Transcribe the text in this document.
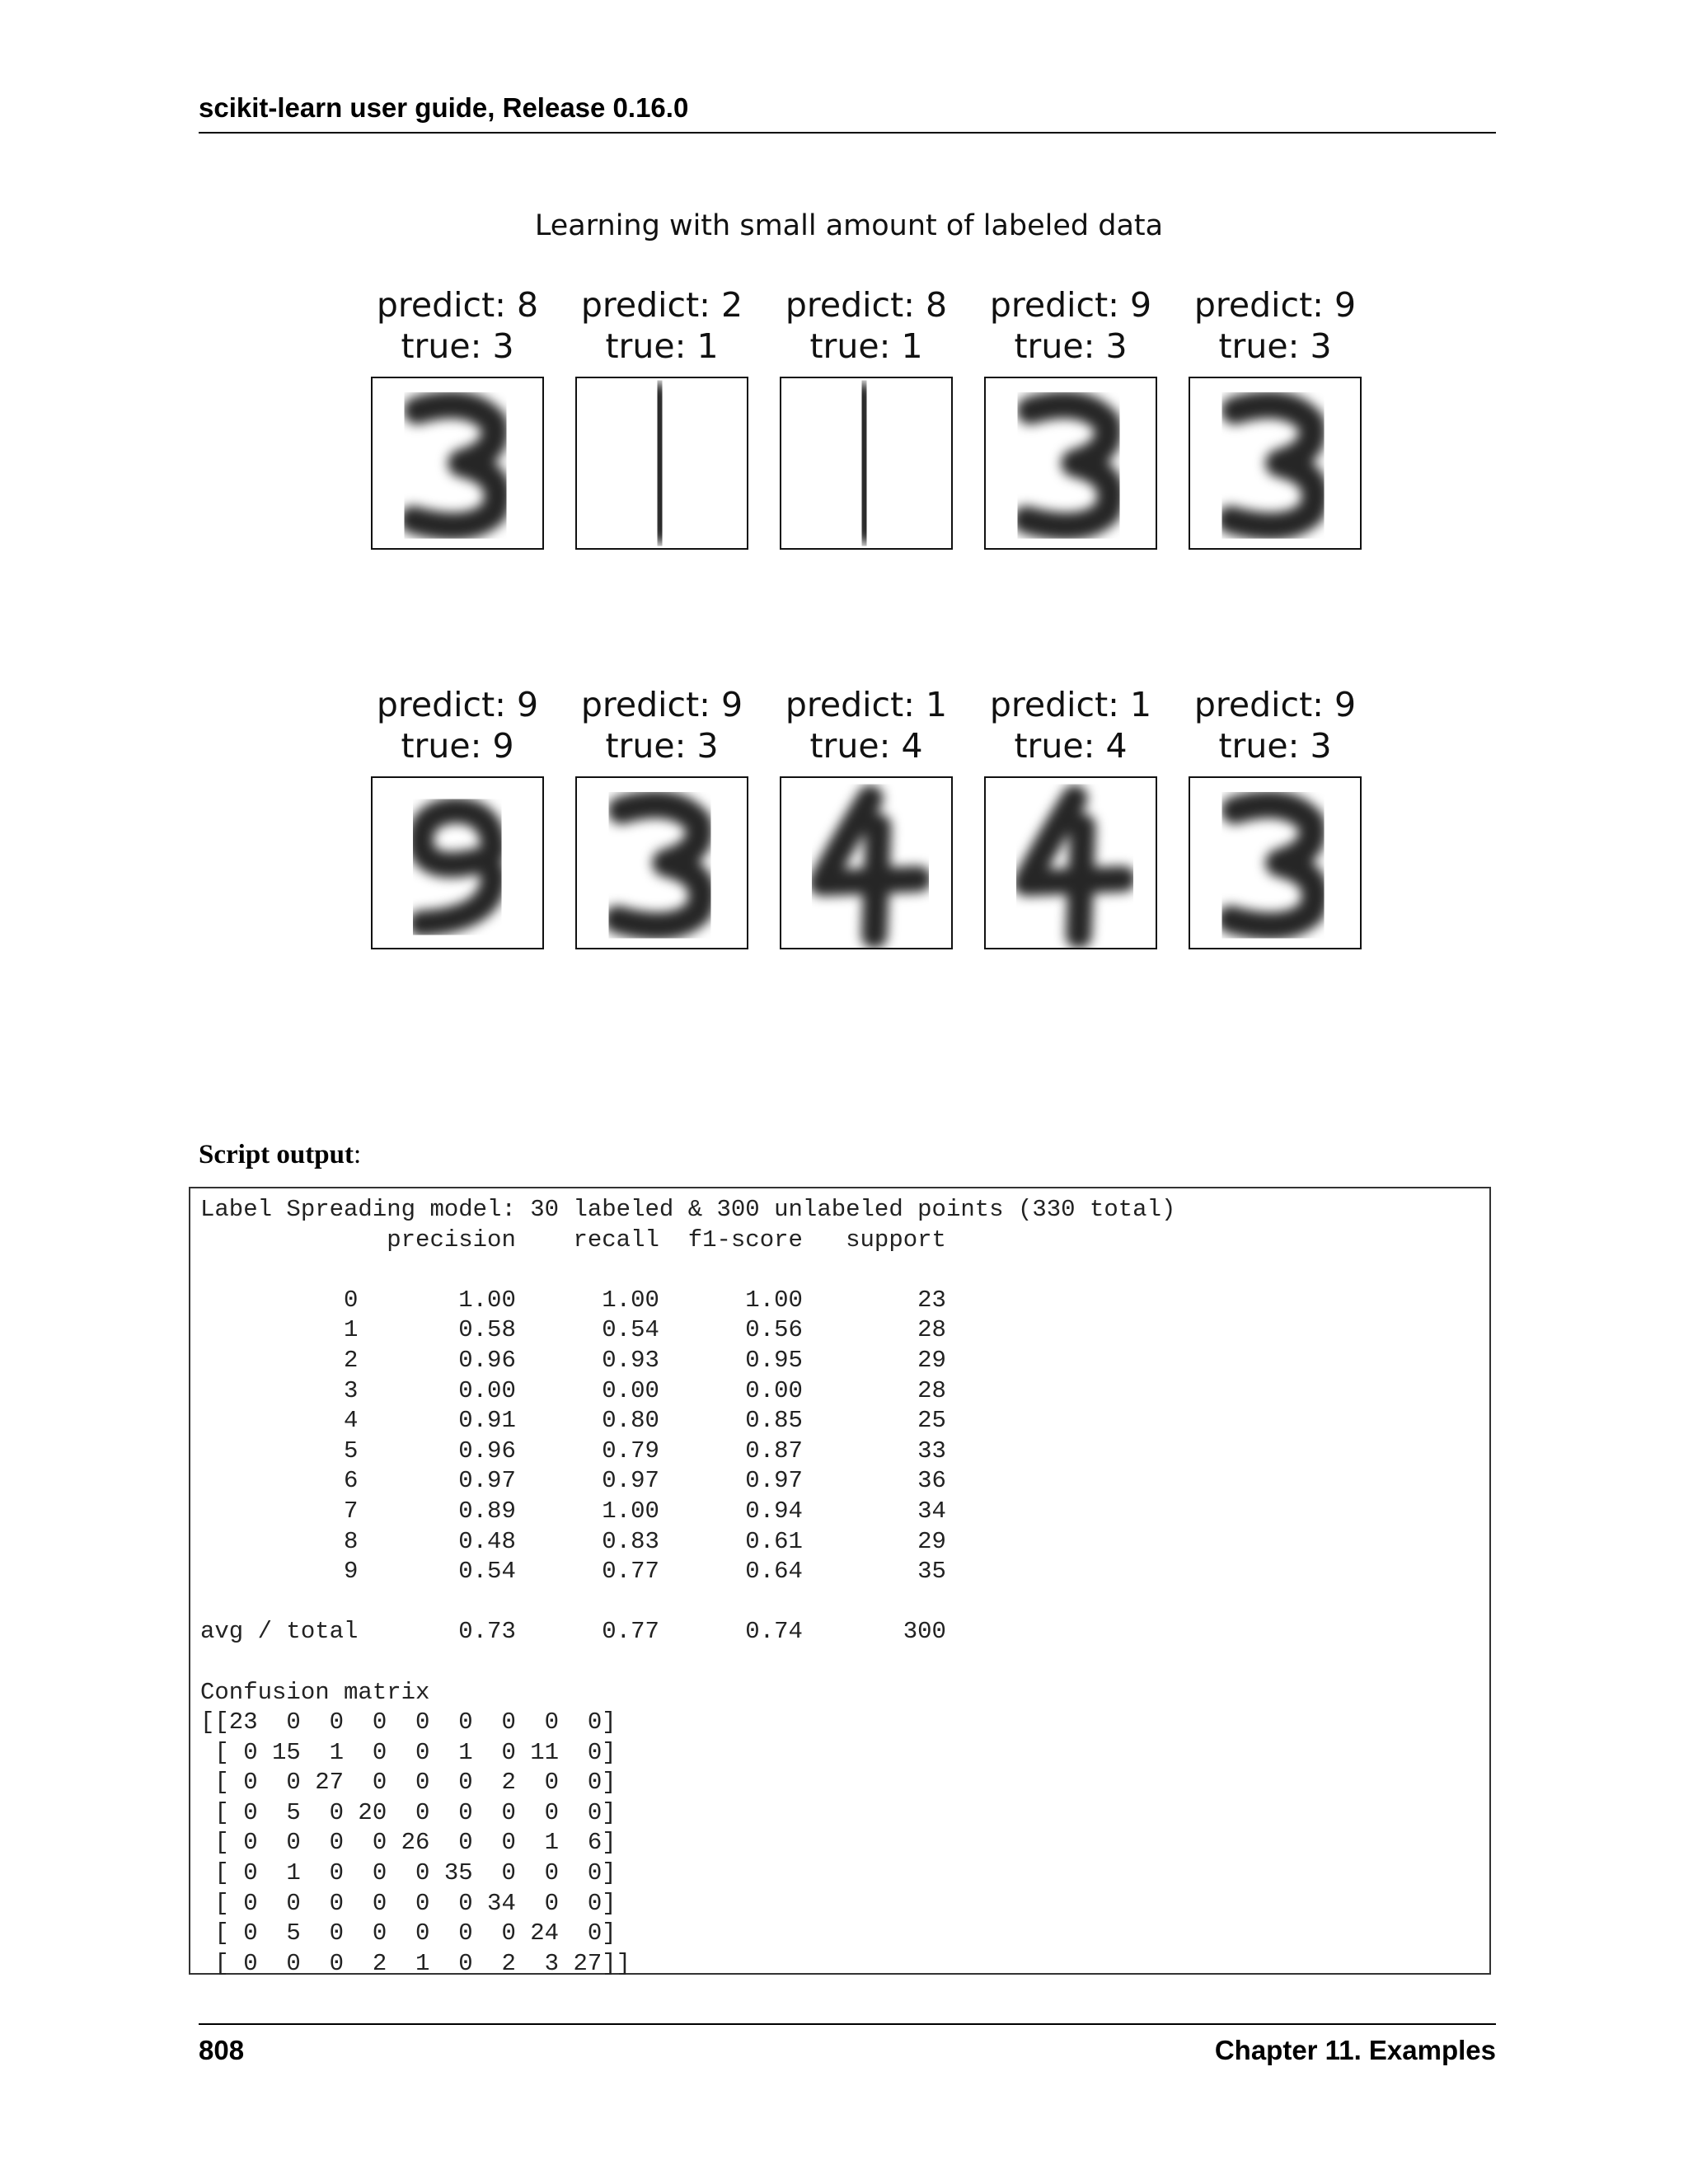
scikit-learn user guide, Release 0.16.0
Learning with small amount of labeled data
predict: 8
true: 3
predict: 2
true: 1
predict: 8
true: 1
predict: 9
true: 3
predict: 9
true: 3
predict: 9
true: 9
predict: 9
true: 3
predict: 1
true: 4
predict: 1
true: 4
predict: 9
true: 3
Script output:
Label Spreading model: 30 labeled & 300 unlabeled points (330 total)
precision    recall  f1-score   support

0       1.00      1.00      1.00        23
1       0.58      0.54      0.56        28
2       0.96      0.93      0.95        29
3       0.00      0.00      0.00        28
4       0.91      0.80      0.85        25
5       0.96      0.79      0.87        33
6       0.97      0.97      0.97        36
7       0.89      1.00      0.94        34
8       0.48      0.83      0.61        29
9       0.54      0.77      0.64        35

avg / total       0.73      0.77      0.74       300

Confusion matrix
[[23  0  0  0  0  0  0  0  0]
[ 0 15  1  0  0  1  0 11  0]
[ 0  0 27  0  0  0  2  0  0]
[ 0  5  0 20  0  0  0  0  0]
[ 0  0  0  0 26  0  0  1  6]
[ 0  1  0  0  0 35  0  0  0]
[ 0  0  0  0  0  0 34  0  0]
[ 0  5  0  0  0  0  0 24  0]
[ 0  0  0  2  1  0  2  3 27]]
808	Chapter 11. Examples
